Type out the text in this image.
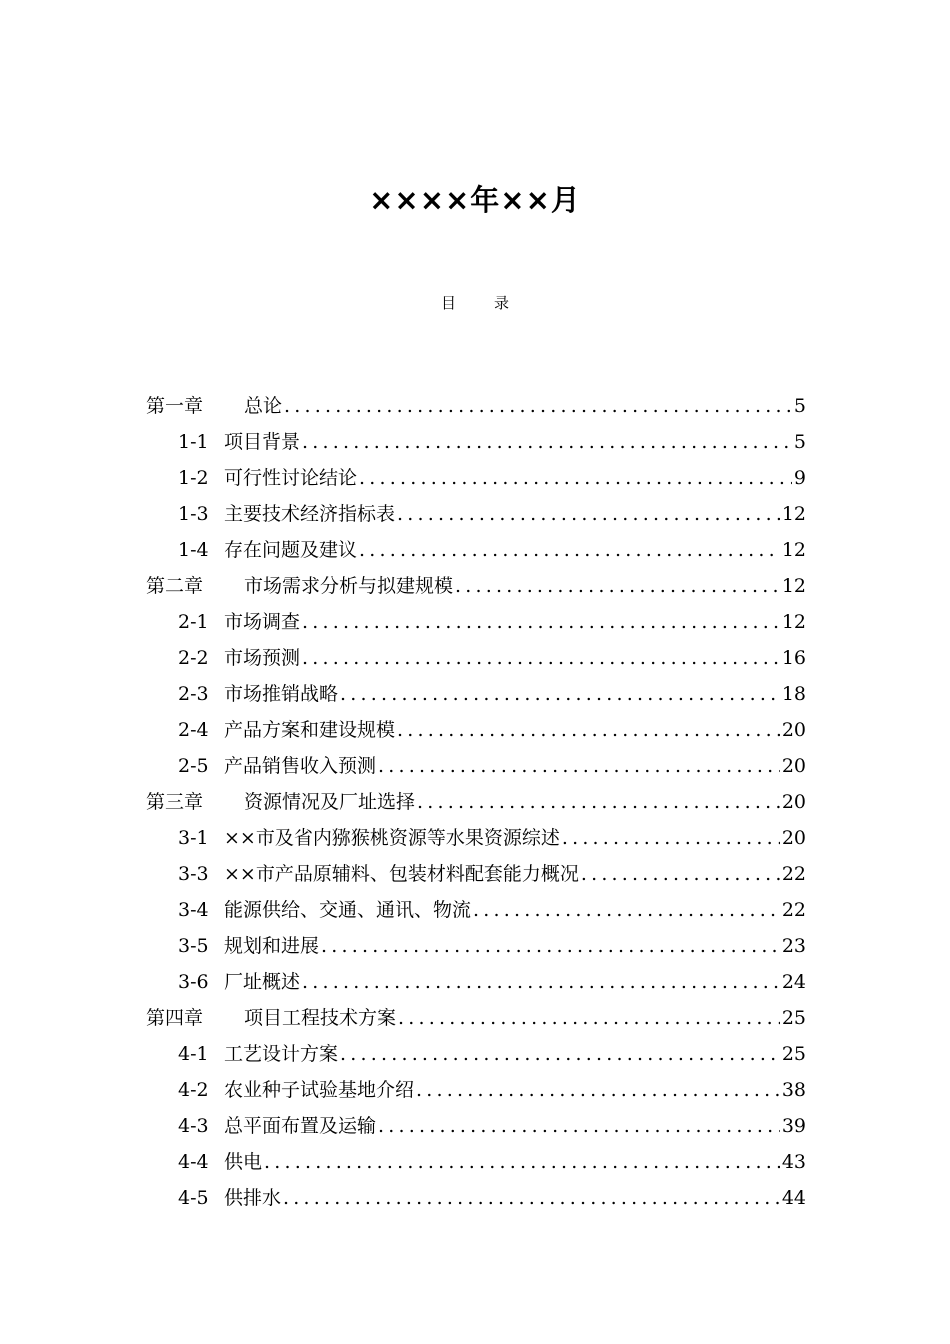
××××年××月
目	录
第一章	总论 .....	5
1-1 项目背景 .....	5
1-2 可行性讨论结论 .....	9
1-3 主要技术经济指标表 .....	12
1-4 存在问题及建议 .....	12
第二章	市场需求分析与拟建规模 .....	12
2-1 市场调查 .....	12
2-2 市场预测 .....	16
2-3 市场推销战略 .....	18
2-4 产品方案和建设规模 .....	20
2-5 产品销售收入预测 .....	20
第三章	资源情况及厂址选择 .....	20
3-1 ××市及省内猕猴桃资源等水果资源综述 .....	20
3-3 ××市产品原辅料、包装材料配套能力概况 .....	22
3-4 能源供给、交通、通讯、物流 .....	22
3-5 规划和进展 .....	23
3-6 厂址概述 .....	24
第四章	项目工程技术方案 .....	25
4-1 工艺设计方案 .....	25
4-2 农业种子试验基地介绍 .....	38
4-3 总平面布置及运输 .....	39
4-4 供电 .....	43
4-5 供排水 .....	44
